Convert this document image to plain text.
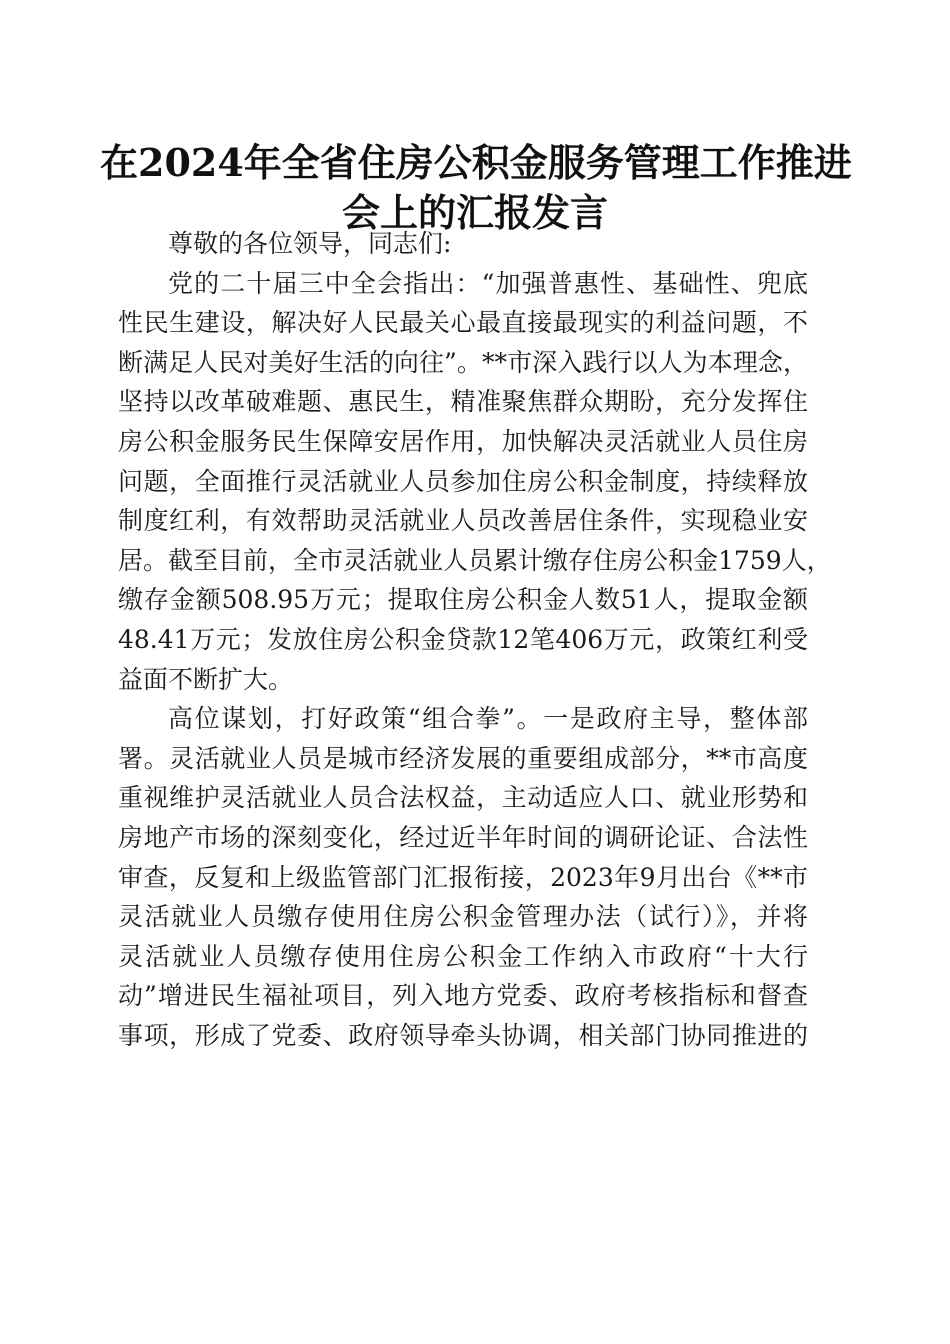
在2024年全省住房公积金服务管理工作推进
会上的汇报发言
尊敬的各位领导，同志们:
党的二十届三中全会指出：“加强普惠性、基础性、兜底
性民生建设，解决好人民最关心最直接最现实的利益问题，不
断满足人民对美好生活的向往”。**市深入践行以人为本理念，
坚持以改革破难题、惠民生，精准聚焦群众期盼，充分发挥住
房公积金服务民生保障安居作用，加快解决灵活就业人员住房
问题，全面推行灵活就业人员参加住房公积金制度，持续释放
制度红利，有效帮助灵活就业人员改善居住条件，实现稳业安
居。截至目前，全市灵活就业人员累计缴存住房公积金1759人，
缴存金额508.95万元；提取住房公积金人数51人，提取金额
48.41万元；发放住房公积金贷款12笔406万元，政策红利受
益面不断扩大。
高位谋划，打好政策“组合拳”。一是政府主导，整体部
署。灵活就业人员是城市经济发展的重要组成部分，**市高度
重视维护灵活就业人员合法权益，主动适应人口、就业形势和
房地产市场的深刻变化，经过近半年时间的调研论证、合法性
审查，反复和上级监管部门汇报衔接，2023年9月出台《**市
灵活就业人员缴存使用住房公积金管理办法（试行）》，并将
灵活就业人员缴存使用住房公积金工作纳入市政府“十大行
动”增进民生福祉项目，列入地方党委、政府考核指标和督查
事项，形成了党委、政府领导牵头协调，相关部门协同推进的
